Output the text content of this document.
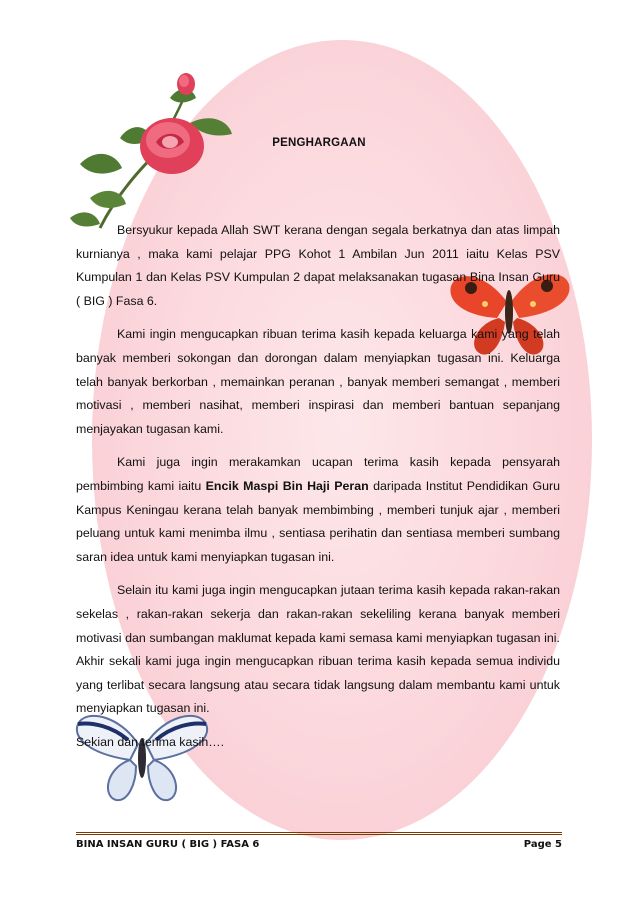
PENGHARGAAN

Bersyukur kepada Allah SWT kerana dengan segala berkatnya dan atas limpah kurnianya , maka kami pelajar PPG Kohot 1 Ambilan Jun 2011 iaitu Kelas PSV Kumpulan 1 dan Kelas PSV Kumpulan 2 dapat melaksanakan tugasan Bina Insan Guru ( BIG ) Fasa 6.

Kami ingin mengucapkan ribuan terima kasih kepada keluarga kami yang telah banyak memberi sokongan dan dorongan dalam menyiapkan tugasan ini. Keluarga telah banyak berkorban , memainkan peranan , banyak memberi semangat , memberi motivasi , memberi nasihat, memberi inspirasi dan memberi bantuan sepanjang menjayakan tugasan kami.

Kami juga ingin merakamkan ucapan terima kasih kepada pensyarah pembimbing kami iaitu Encik Maspi Bin Haji Peran daripada Institut Pendidikan Guru Kampus Keningau kerana telah banyak membimbing , memberi tunjuk ajar , memberi peluang untuk kami menimba ilmu , sentiasa perihatin dan sentiasa memberi sumbang saran idea untuk kami menyiapkan tugasan ini.

Selain itu kami juga ingin mengucapkan jutaan terima kasih kepada rakan-rakan sekelas , rakan-rakan sekerja dan rakan-rakan sekeliling kerana banyak memberi motivasi dan sumbangan maklumat kepada kami semasa kami menyiapkan tugasan ini. Akhir sekali kami juga ingin mengucapkan ribuan terima kasih kepada semua individu yang terlibat secara langsung atau secara tidak langsung dalam membantu kami untuk menyiapkan tugasan ini.

Sekian dan terima kasih….

BINA INSAN GURU ( BIG ) FASA 6	Page 5
